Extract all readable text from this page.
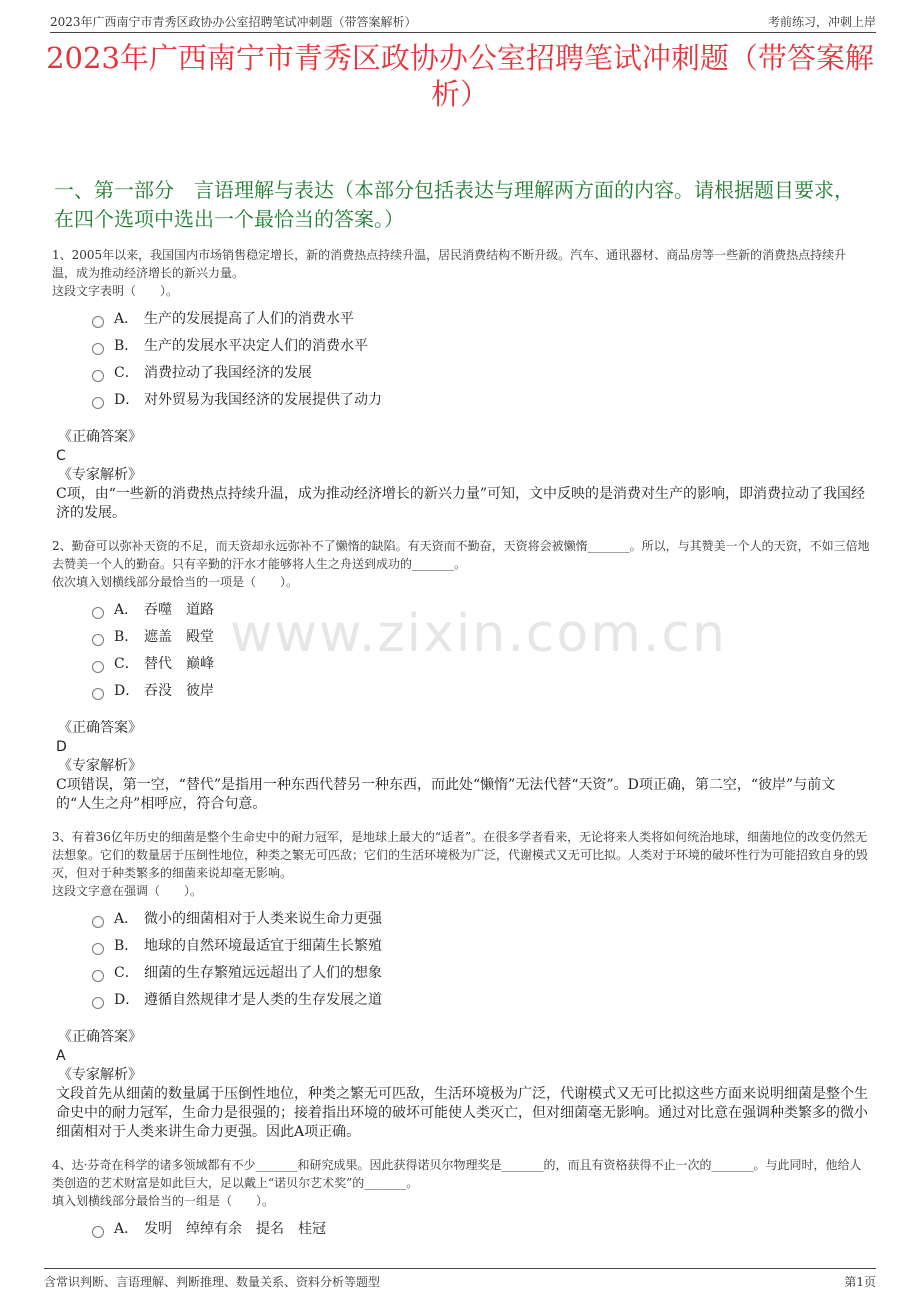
2023年广西南宁市青秀区政协办公室招聘笔试冲刺题（带答案解析）	考前练习，冲刺上岸
2023年广西南宁市青秀区政协办公室招聘笔试冲刺题（带答案解析）
一、第一部分　言语理解与表达（本部分包括表达与理解两方面的内容。请根据题目要求，在四个选项中选出一个最恰当的答案。）
www.zixin.com.cn

1、2005年以来，我国国内市场销售稳定增长，新的消费热点持续升温，居民消费结构不断升级。汽车、通讯器材、商品房等一些新的消费热点持续升温，成为推动经济增长的新兴力量。

这段文字表明（　　）。

A． 生产的发展提高了人们的消费水平
B． 生产的发展水平决定人们的消费水平
C． 消费拉动了我国经济的发展
D． 对外贸易为我国经济的发展提供了动力

《正确答案》

C

《专家解析》

C项，由“一些新的消费热点持续升温，成为推动经济增长的新兴力量”可知，文中反映的是消费对生产的影响，即消费拉动了我国经济的发展。

2、勤奋可以弥补天资的不足，而天资却永远弥补不了懒惰的缺陷。有天资而不勤奋，天资将会被懒惰_______。所以，与其赞美一个人的天资，不如三倍地去赞美一个人的勤奋。只有辛勤的汗水才能够将人生之舟送到成功的_______。

依次填入划横线部分最恰当的一项是（　　）。

A． 吞噬　道路
B． 遮盖　殿堂
C． 替代　巅峰
D． 吞没　彼岸

《正确答案》

D

《专家解析》

C项错误，第一空，“替代”是指用一种东西代替另一种东西，而此处“懒惰”无法代替“天资”。D项正确，第二空，“彼岸”与前文的“人生之舟”相呼应，符合句意。

3、有着36亿年历史的细菌是整个生命史中的耐力冠军，是地球上最大的“适者”。在很多学者看来，无论将来人类将如何统治地球，细菌地位的改变仍然无法想象。它们的数量居于压倒性地位，种类之繁无可匹敌；它们的生活环境极为广泛，代谢模式又无可比拟。人类对于环境的破坏性行为可能招致自身的毁灭，但对于种类繁多的细菌来说却毫无影响。

这段文字意在强调（　　）。

A． 微小的细菌相对于人类来说生命力更强
B． 地球的自然环境最适宜于细菌生长繁殖
C． 细菌的生存繁殖远远超出了人们的想象
D． 遵循自然规律才是人类的生存发展之道

《正确答案》

A

《专家解析》

文段首先从细菌的数量属于压倒性地位，种类之繁无可匹敌，生活环境极为广泛，代谢模式又无可比拟这些方面来说明细菌是整个生命史中的耐力冠军，生命力是很强的；接着指出环境的破坏可能使人类灭亡，但对细菌毫无影响。通过对比意在强调种类繁多的微小细菌相对于人类来讲生命力更强。因此A项正确。

4、达·芬奇在科学的诸多领域都有不少_______和研究成果。因此获得诺贝尔物理奖是_______的，而且有资格获得不止一次的_______。与此同时，他给人类创造的艺术财富是如此巨大，足以戴上“诺贝尔艺术奖”的_______。

填入划横线部分最恰当的一组是（　　）。

A． 发明　绰绰有余　提名　桂冠
含常识判断、言语理解、判断推理、数量关系、资料分析等题型	第1页
